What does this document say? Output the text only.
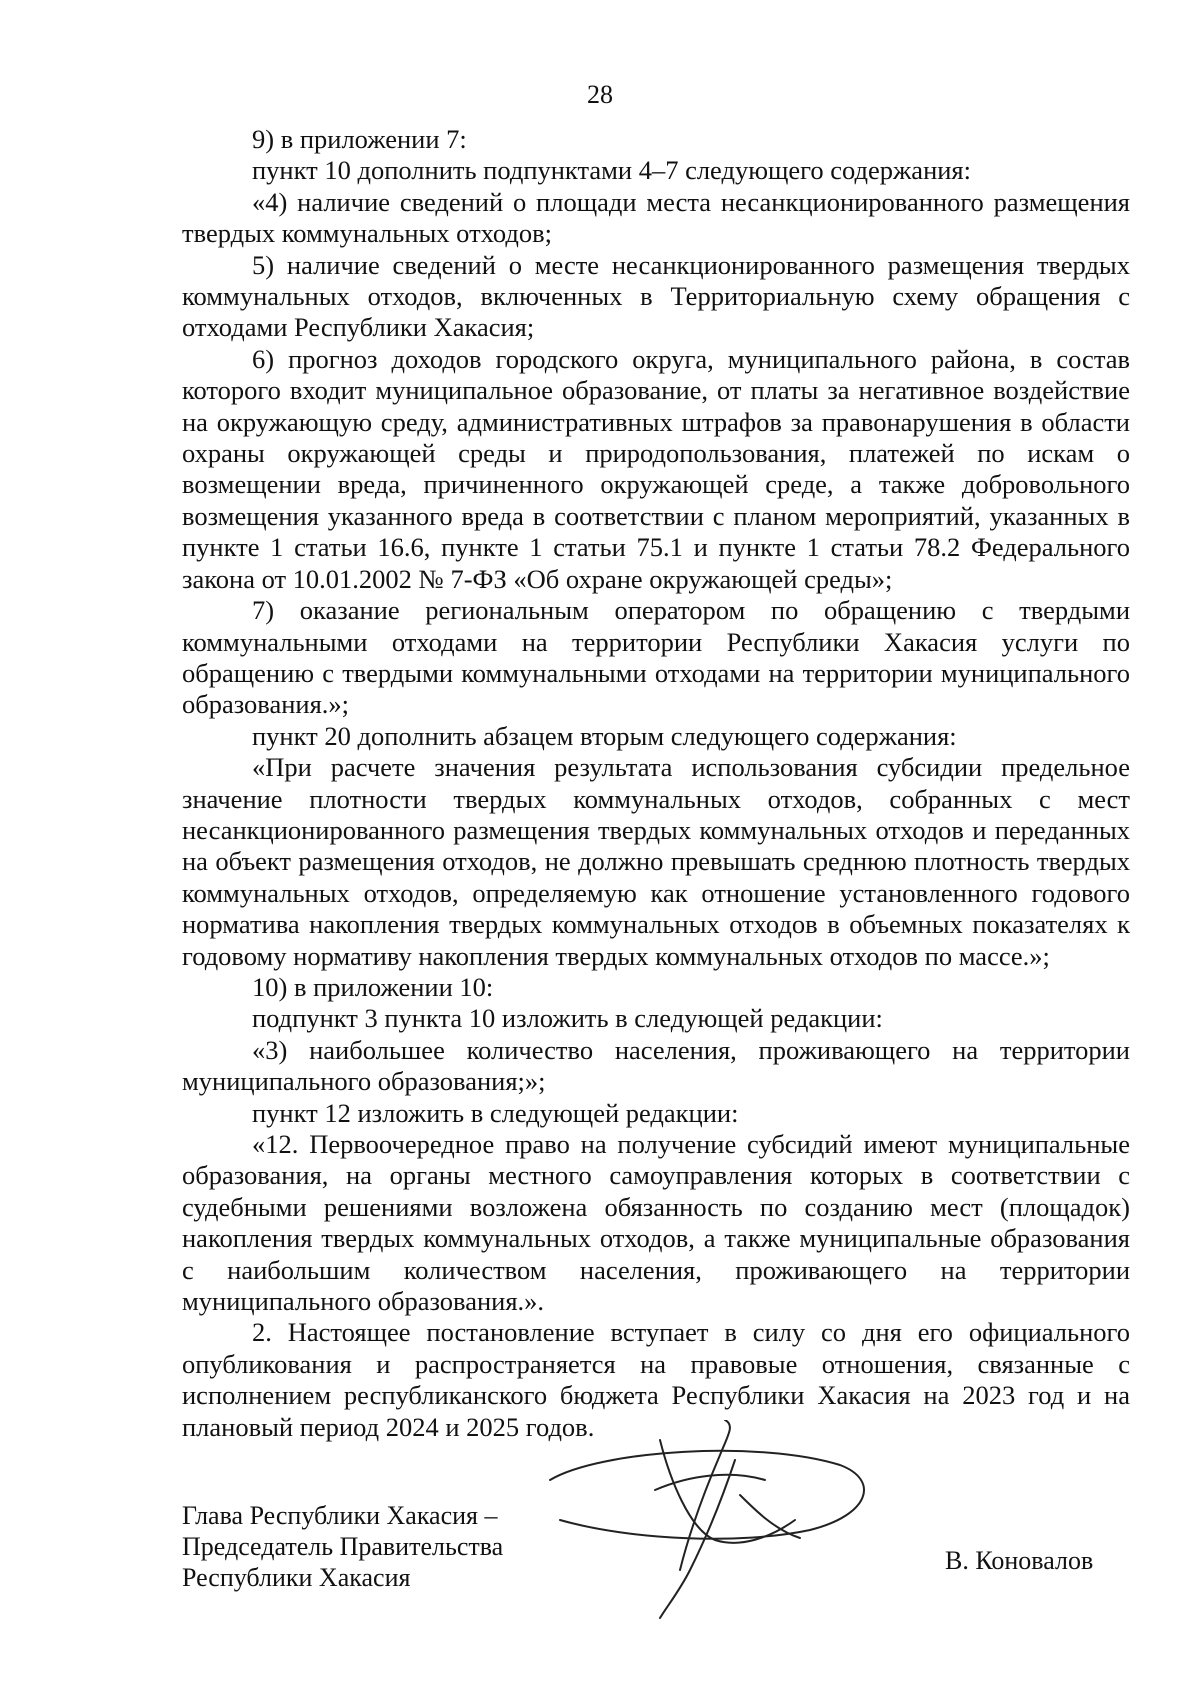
28

9) в приложении 7:

пункт 10 дополнить подпунктами 4–7 следующего содержания:

«4) наличие сведений о площади места несанкционированного размещения твердых коммунальных отходов;

5) наличие сведений о месте несанкционированного размещения твердых коммунальных отходов, включенных в Территориальную схему обращения с отходами Республики Хакасия;

6) прогноз доходов городского округа, муниципального района, в состав которого входит муниципальное образование, от платы за негативное воздействие на окружающую среду, административных штрафов за правонарушения в области охраны окружающей среды и природопользования, платежей по искам о возмещении вреда, причиненного окружающей среде, а также добровольного возмещения указанного вреда в соответствии с планом мероприятий, указанных в пункте 1 статьи 16.6, пункте 1 статьи 75.1 и пункте 1 статьи 78.2 Федерального закона от 10.01.2002 № 7-ФЗ «Об охране окружающей среды»;

7) оказание региональным оператором по обращению с твердыми коммунальными отходами на территории Республики Хакасия услуги по обращению с твердыми коммунальными отходами на территории муниципального образования.»;

пункт 20 дополнить абзацем вторым следующего содержания:

«При расчете значения результата использования субсидии предельное значение плотности твердых коммунальных отходов, собранных с мест несанкционированного размещения твердых коммунальных отходов и переданных на объект размещения отходов, не должно превышать среднюю плотность твердых коммунальных отходов, определяемую как отношение установленного годового норматива накопления твердых коммунальных отходов в объемных показателях к годовому нормативу накопления твердых коммунальных отходов по массе.»;

10) в приложении 10:

подпункт 3 пункта 10 изложить в следующей редакции:

«3) наибольшее количество населения, проживающего на территории муниципального образования;»;

пункт 12 изложить в следующей редакции:

«12. Первоочередное право на получение субсидий имеют муниципальные образования, на органы местного самоуправления которых в соответствии с судебными решениями возложена обязанность по созданию мест (площадок) накопления твердых коммунальных отходов, а также муниципальные образования с наибольшим количеством населения, проживающего на территории муниципального образования.».

2. Настоящее постановление вступает в силу со дня его официального опубликования и распространяется на правовые отношения, связанные с исполнением республиканского бюджета Республики Хакасия на 2023 год и на плановый период 2024 и 2025 годов.

Глава Республики Хакасия –
Председатель Правительства
Республики Хакасия
В. Коновалов
